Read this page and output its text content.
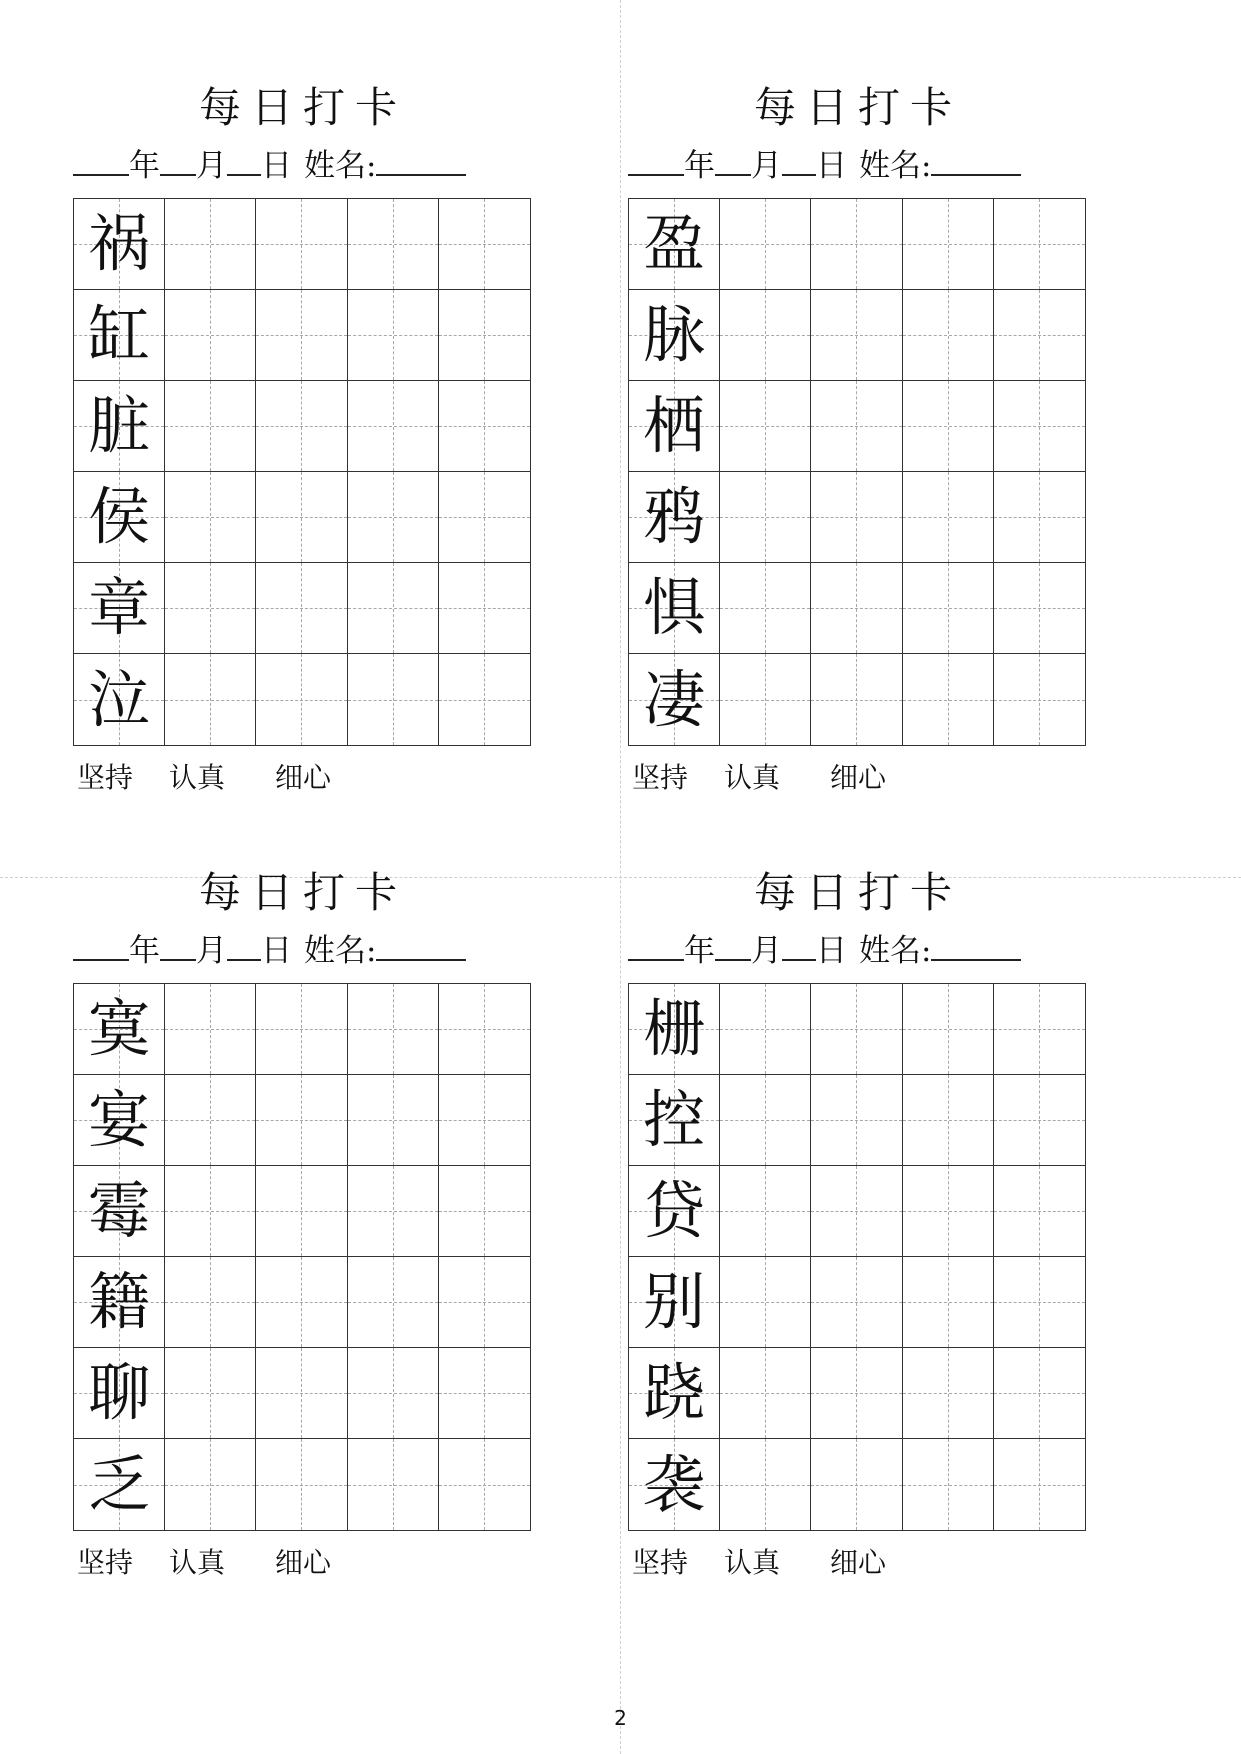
每日打卡
年 月 日 姓名:
祸
缸
脏
侯
章
泣
坚持 认真 细心
每日打卡
年 月 日 姓名:
盈
脉
栖
鸦
惧
凄
坚持 认真 细心
每日打卡
年 月 日 姓名:
寞
宴
霉
籍
聊
乏
坚持 认真 细心
每日打卡
年 月 日 姓名:
栅
控
贷
别
跷
袭
坚持 认真 细心
2
